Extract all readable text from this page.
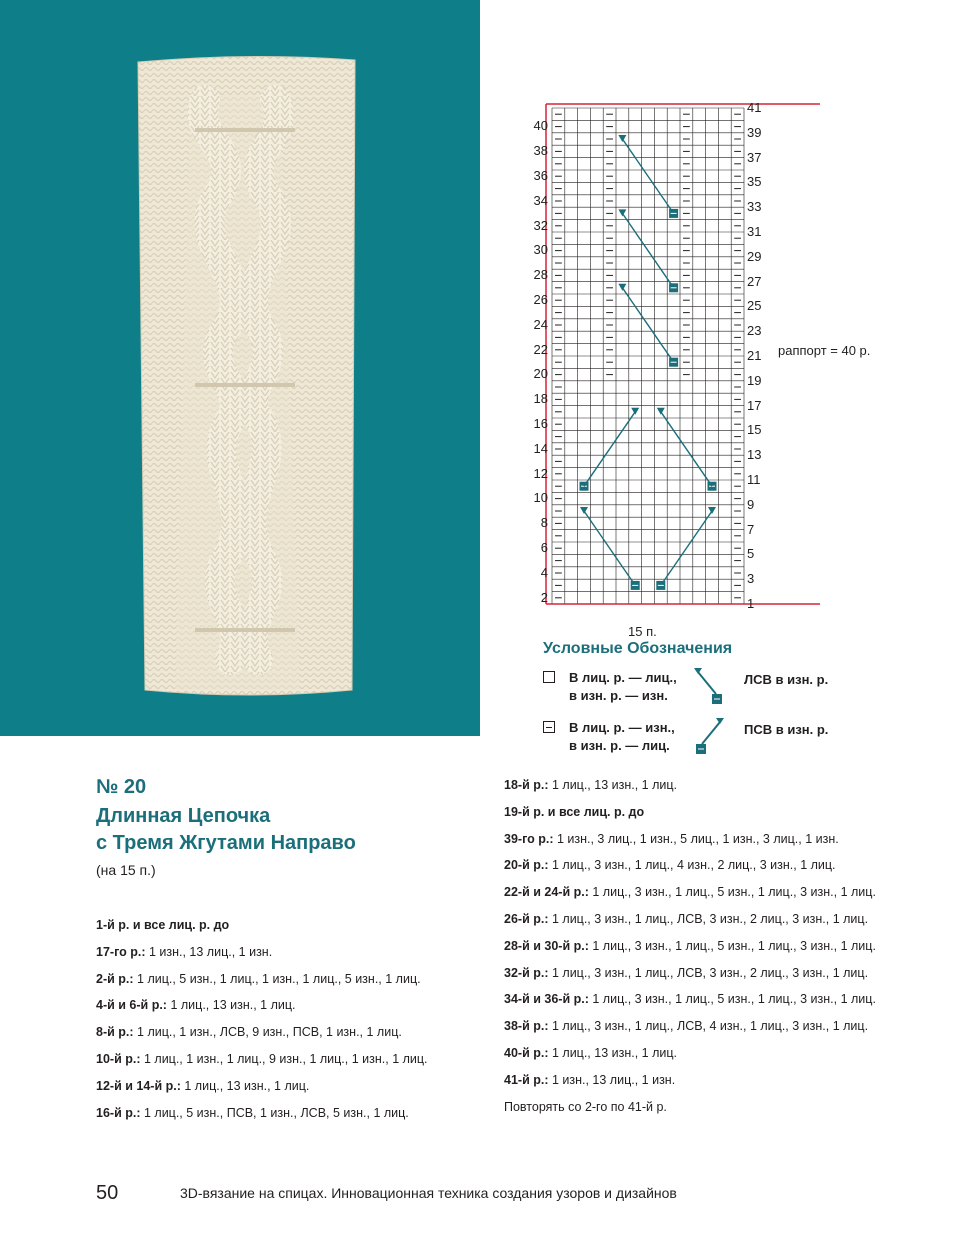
40
38
36
34
32
30
28
26
24
22
20
18
16
14
12
10
8
6
4
2
41
39
37
35
33
31
29
27
25
23
21
19
17
15
13
11
9
7
5
3
1
15 п.
раппорт = 40 р.
Условные Обозначения
В лиц. р. — лиц.,
в изн. р. — изн.
В лиц. р. — изн.,
в изн. р. — лиц.
ЛСВ в изн. р.
ПСВ в изн. р.
№ 20
Длинная Цепочка
с Тремя Жгутами Направо
(на 15 п.)
1-й р. и все лиц. р. до
17-го р.: 1 изн., 13 лиц., 1 изн.
2-й р.: 1 лиц., 5 изн., 1 лиц., 1 изн., 1 лиц., 5 изн., 1 лиц.
4-й и 6-й р.: 1 лиц., 13 изн., 1 лиц.
8-й р.: 1 лиц., 1 изн., ЛСВ, 9 изн., ПСВ, 1 изн., 1 лиц.
10-й р.: 1 лиц., 1 изн., 1 лиц., 9 изн., 1 лиц., 1 изн., 1 лиц.
12-й и 14-й р.: 1 лиц., 13 изн., 1 лиц.
16-й р.: 1 лиц., 5 изн., ПСВ, 1 изн., ЛСВ, 5 изн., 1 лиц.
18-й р.: 1 лиц., 13 изн., 1 лиц.
19-й р. и все лиц. р. до
39-го р.: 1 изн., 3 лиц., 1 изн., 5 лиц., 1 изн., 3 лиц., 1 изн.
20-й р.: 1 лиц., 3 изн., 1 лиц., 4 изн., 2 лиц., 3 изн., 1 лиц.
22-й и 24-й р.: 1 лиц., 3 изн., 1 лиц., 5 изн., 1 лиц., 3 изн., 1 лиц.
26-й р.: 1 лиц., 3 изн., 1 лиц., ЛСВ, 3 изн., 2 лиц., 3 изн., 1 лиц.
28-й и 30-й р.: 1 лиц., 3 изн., 1 лиц., 5 изн., 1 лиц., 3 изн., 1 лиц.
32-й р.: 1 лиц., 3 изн., 1 лиц., ЛСВ, 3 изн., 2 лиц., 3 изн., 1 лиц.
34-й и 36-й р.: 1 лиц., 3 изн., 1 лиц., 5 изн., 1 лиц., 3 изн., 1 лиц.
38-й р.: 1 лиц., 3 изн., 1 лиц., ЛСВ, 4 изн., 1 лиц., 3 изн., 1 лиц.
40-й р.: 1 лиц., 13 изн., 1 лиц.
41-й р.: 1 изн., 13 лиц., 1 изн.
Повторять со 2-го по 41-й р.
50	3D-вязание на спицах. Инновационная техника создания узоров и дизайнов
